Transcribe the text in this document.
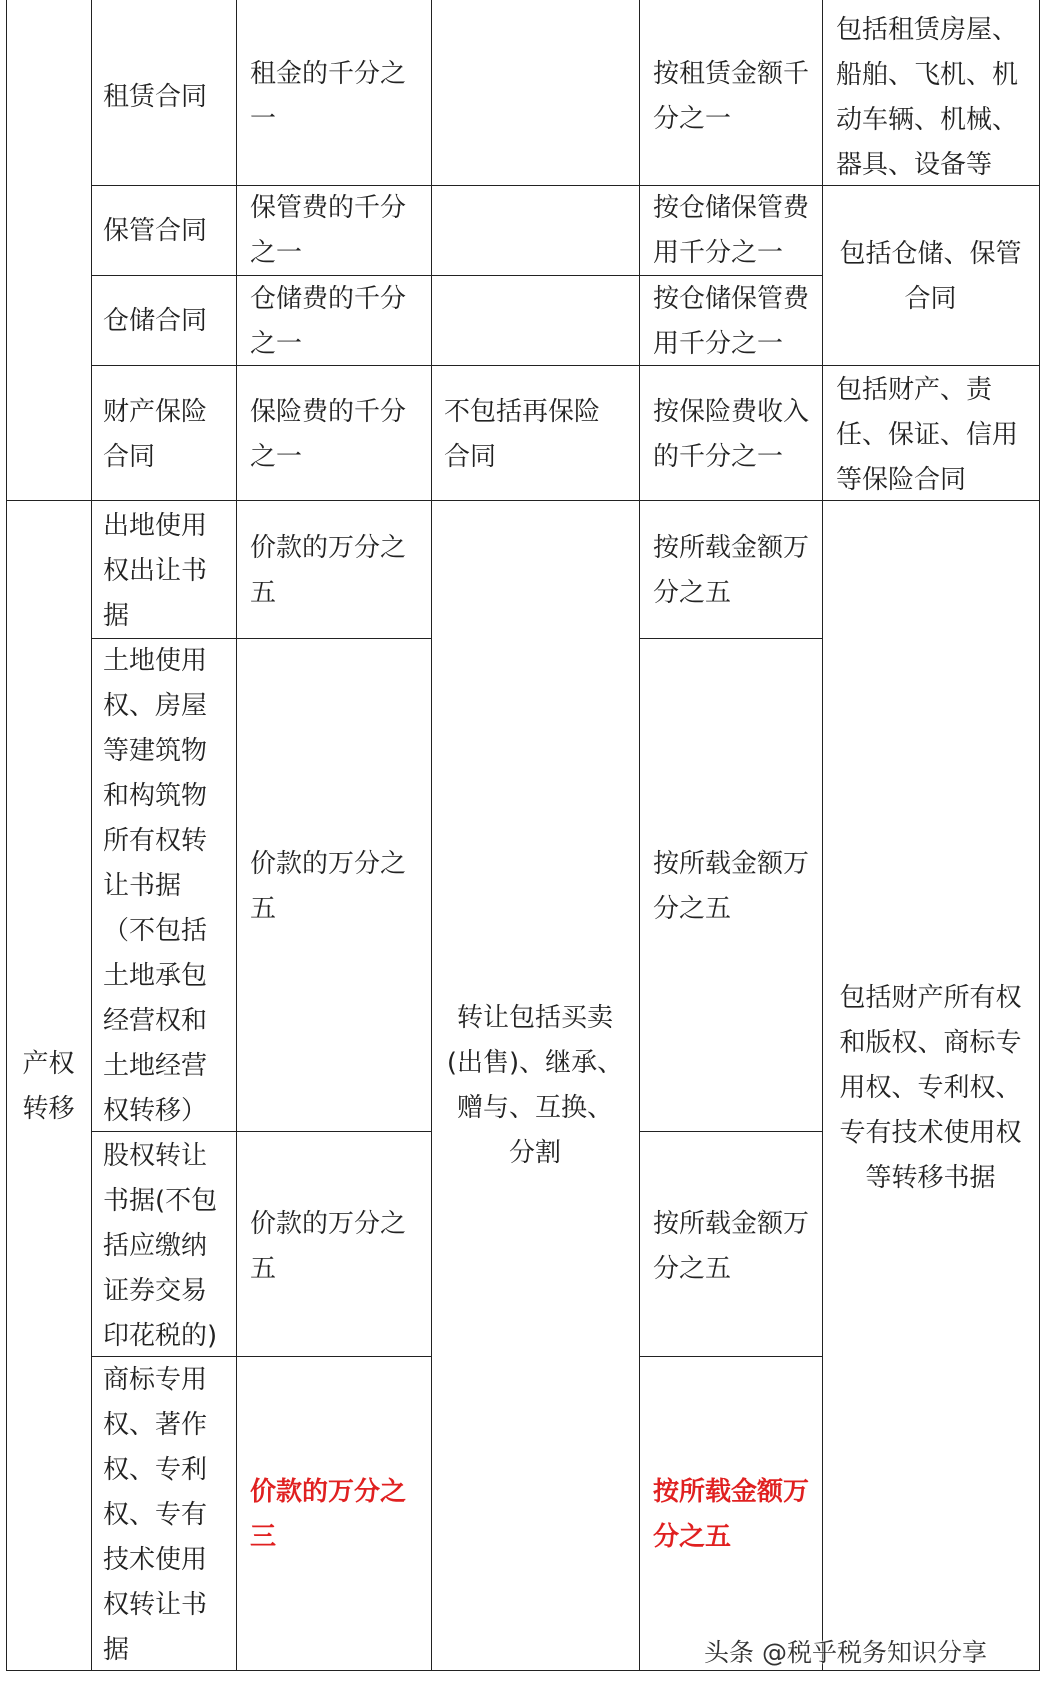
租赁合同

租金的千分之
一

按租赁金额千
分之一

包括租赁房屋、
船舶、飞机、机
动车辆、机械、
器具、设备等

保管合同

保管费的千分
之一

按仓储保管费
用千分之一

仓储合同

仓储费的千分
之一

按仓储保管费
用千分之一

包括仓储、保管
合同

财产保险
合同

保险费的千分
之一

不包括再保险
合同

按保险费收入
的千分之一

包括财产、责
任、保证、信用
等保险合同

产权
转移

出地使用
权出让书
据

价款的万分之
五

按所载金额万
分之五

土地使用
权、房屋
等建筑物
和构筑物
所有权转
让书据
（不包括
土地承包
经营权和
土地经营
权转移）

价款的万分之
五

按所载金额万
分之五

股权转让
书据(不包
括应缴纳
证券交易
印花税的)

价款的万分之
五

按所载金额万
分之五

商标专用
权、著作
权、专利
权、专有
技术使用
权转让书
据

价款的万分之
三

按所载金额万
分之五

转让包括买卖
(出售)、继承、
赠与、互换、
分割

包括财产所有权
和版权、商标专
用权、专利权、
专有技术使用权
等转移书据

头条 @税乎税务知识分享
